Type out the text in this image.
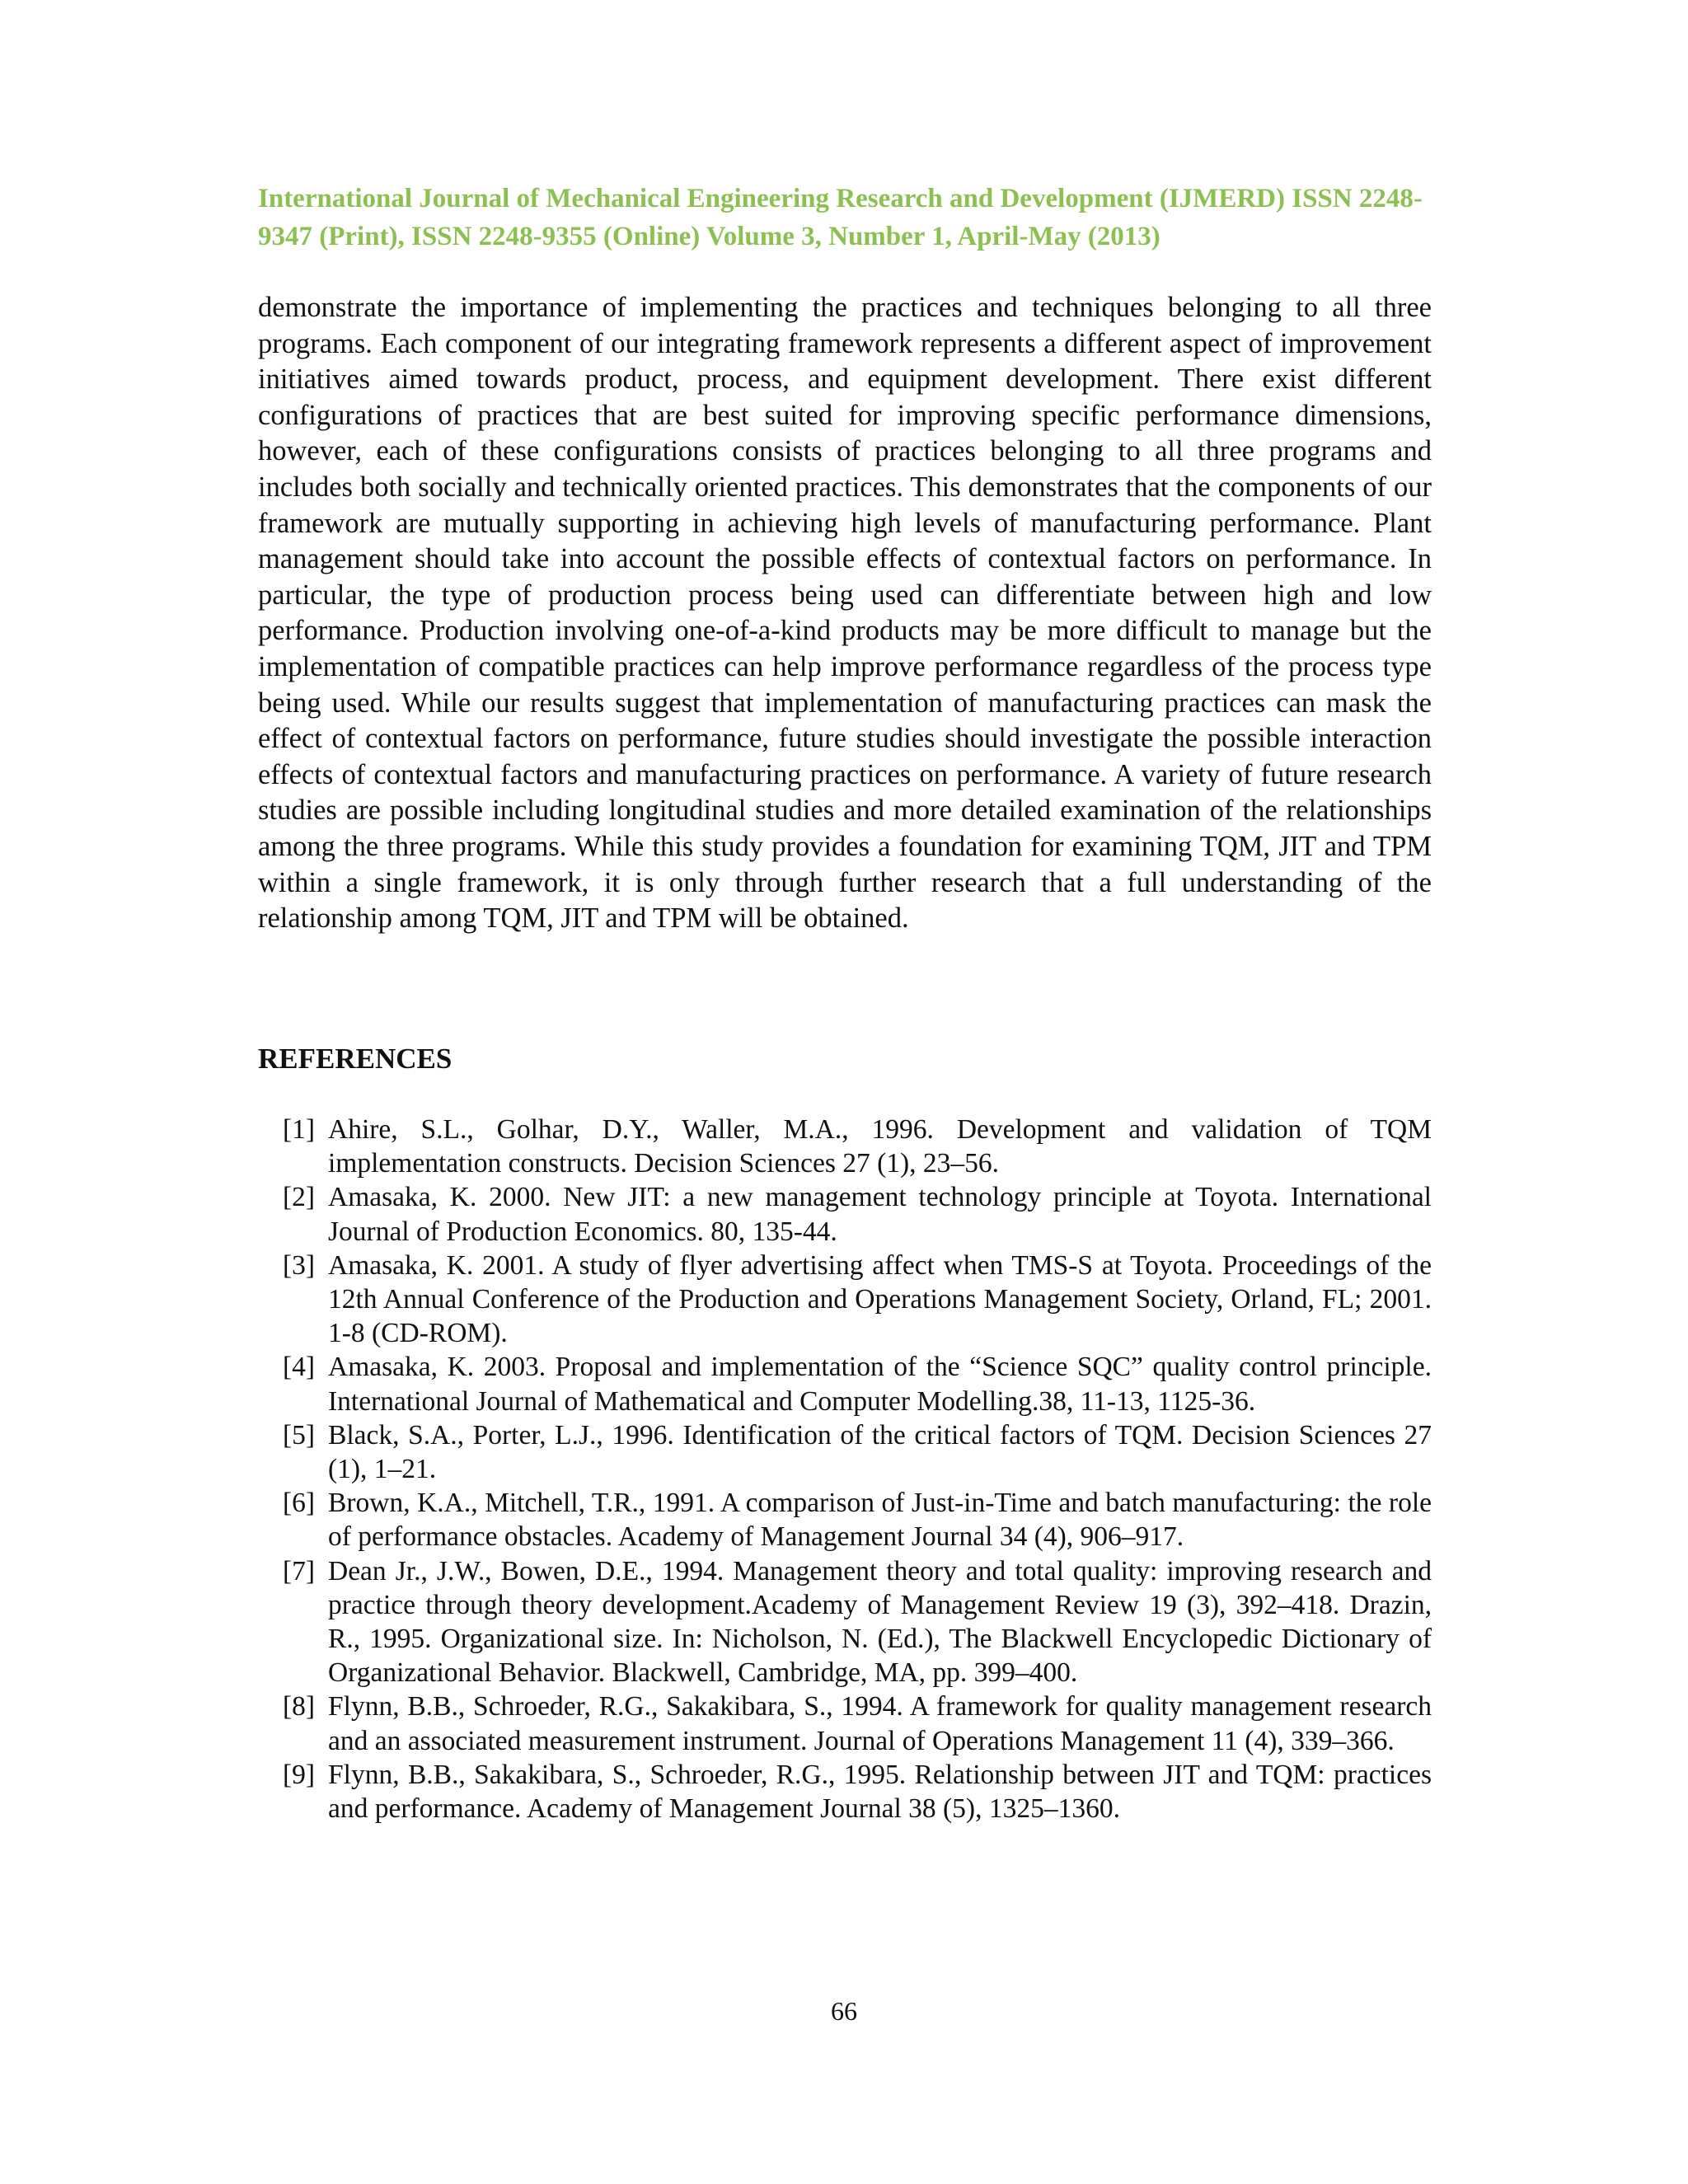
International Journal of Mechanical Engineering Research and Development (IJMERD) ISSN 2248-9347 (Print), ISSN 2248-9355 (Online) Volume 3, Number 1, April-May (2013)

demonstrate the importance of implementing the practices and techniques belonging to all three programs. Each component of our integrating framework represents a different aspect of improvement initiatives aimed towards product, process, and equipment development. There exist different configurations of practices that are best suited for improving specific performance dimensions, however, each of these configurations consists of practices belonging to all three programs and includes both socially and technically oriented practices. This demonstrates that the components of our framework are mutually supporting in achieving high levels of manufacturing performance. Plant management should take into account the possible effects of contextual factors on performance. In particular, the type of production process being used can differentiate between high and low performance. Production involving one-of-a-kind products may be more difficult to manage but the implementation of compatible practices can help improve performance regardless of the process type being used. While our results suggest that implementation of manufacturing practices can mask the effect of contextual factors on performance, future studies should investigate the possible interaction effects of contextual factors and manufacturing practices on performance. A variety of future research studies are possible including longitudinal studies and more detailed examination of the relationships among the three programs. While this study provides a foundation for examining TQM, JIT and TPM within a single framework, it is only through further research that a full understanding of the relationship among TQM, JIT and TPM will be obtained.

REFERENCES
[1] Ahire, S.L., Golhar, D.Y., Waller, M.A., 1996. Development and validation of TQM implementation constructs. Decision Sciences 27 (1), 23–56.
[2] Amasaka, K. 2000. New JIT: a new management technology principle at Toyota. International Journal of Production Economics. 80, 135-44.
[3] Amasaka, K. 2001. A study of flyer advertising affect when TMS-S at Toyota. Proceedings of the 12th Annual Conference of the Production and Operations Management Society, Orland, FL; 2001. 1-8 (CD-ROM).
[4] Amasaka, K. 2003. Proposal and implementation of the “Science SQC” quality control principle. International Journal of Mathematical and Computer Modelling.38, 11-13, 1125-36.
[5] Black, S.A., Porter, L.J., 1996. Identification of the critical factors of TQM. Decision Sciences 27 (1), 1–21.
[6] Brown, K.A., Mitchell, T.R., 1991. A comparison of Just-in-Time and batch manufacturing: the role of performance obstacles. Academy of Management Journal 34 (4), 906–917.
[7] Dean Jr., J.W., Bowen, D.E., 1994. Management theory and total quality: improving research and practice through theory development.Academy of Management Review 19 (3), 392–418. Drazin, R., 1995. Organizational size. In: Nicholson, N. (Ed.), The Blackwell Encyclopedic Dictionary of Organizational Behavior. Blackwell, Cambridge, MA, pp. 399–400.
[8] Flynn, B.B., Schroeder, R.G., Sakakibara, S., 1994. A framework for quality management research and an associated measurement instrument. Journal of Operations Management 11 (4), 339–366.
[9] Flynn, B.B., Sakakibara, S., Schroeder, R.G., 1995. Relationship between JIT and TQM: practices and performance. Academy of Management Journal 38 (5), 1325–1360.

66
